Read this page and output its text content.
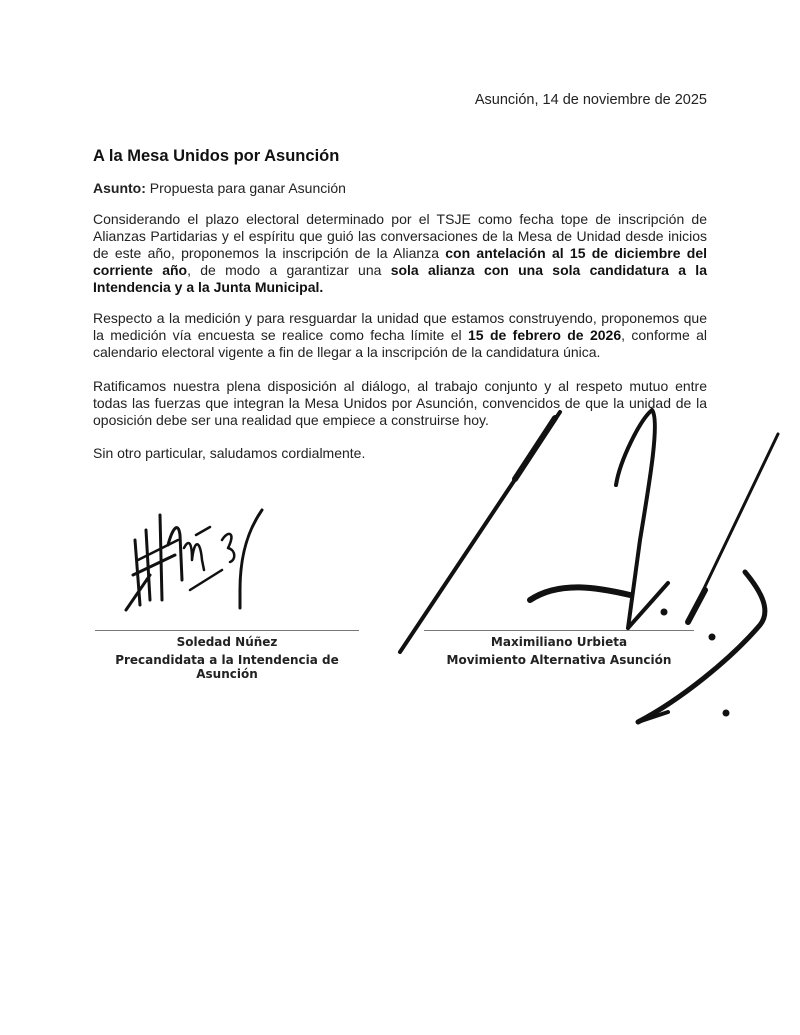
Asunción, 14 de noviembre de 2025
A la Mesa Unidos por Asunción
Asunto: Propuesta para ganar Asunción
Considerando el plazo electoral determinado por el TSJE como fecha tope de inscripción de Alianzas Partidarias y el espíritu que guió las conversaciones de la Mesa de Unidad desde inicios de este año, proponemos la inscripción de la Alianza con antelación al 15 de diciembre del corriente año, de modo a garantizar una sola alianza con una sola candidatura a la Intendencia y a la Junta Municipal.
Respecto a la medición y para resguardar la unidad que estamos construyendo, proponemos que la medición vía encuesta se realice como fecha límite el 15 de febrero de 2026, conforme al calendario electoral vigente a fin de llegar a la inscripción de la candidatura única.
Ratificamos nuestra plena disposición al diálogo, al trabajo conjunto y al respeto mutuo entre todas las fuerzas que integran la Mesa Unidos por Asunción, convencidos de que la unidad de la oposición debe ser una realidad que empiece a construirse hoy.
Sin otro particular, saludamos cordialmente.
Soledad Núñez
Precandidata a la Intendencia de Asunción
Maximiliano Urbieta
Movimiento Alternativa Asunción
